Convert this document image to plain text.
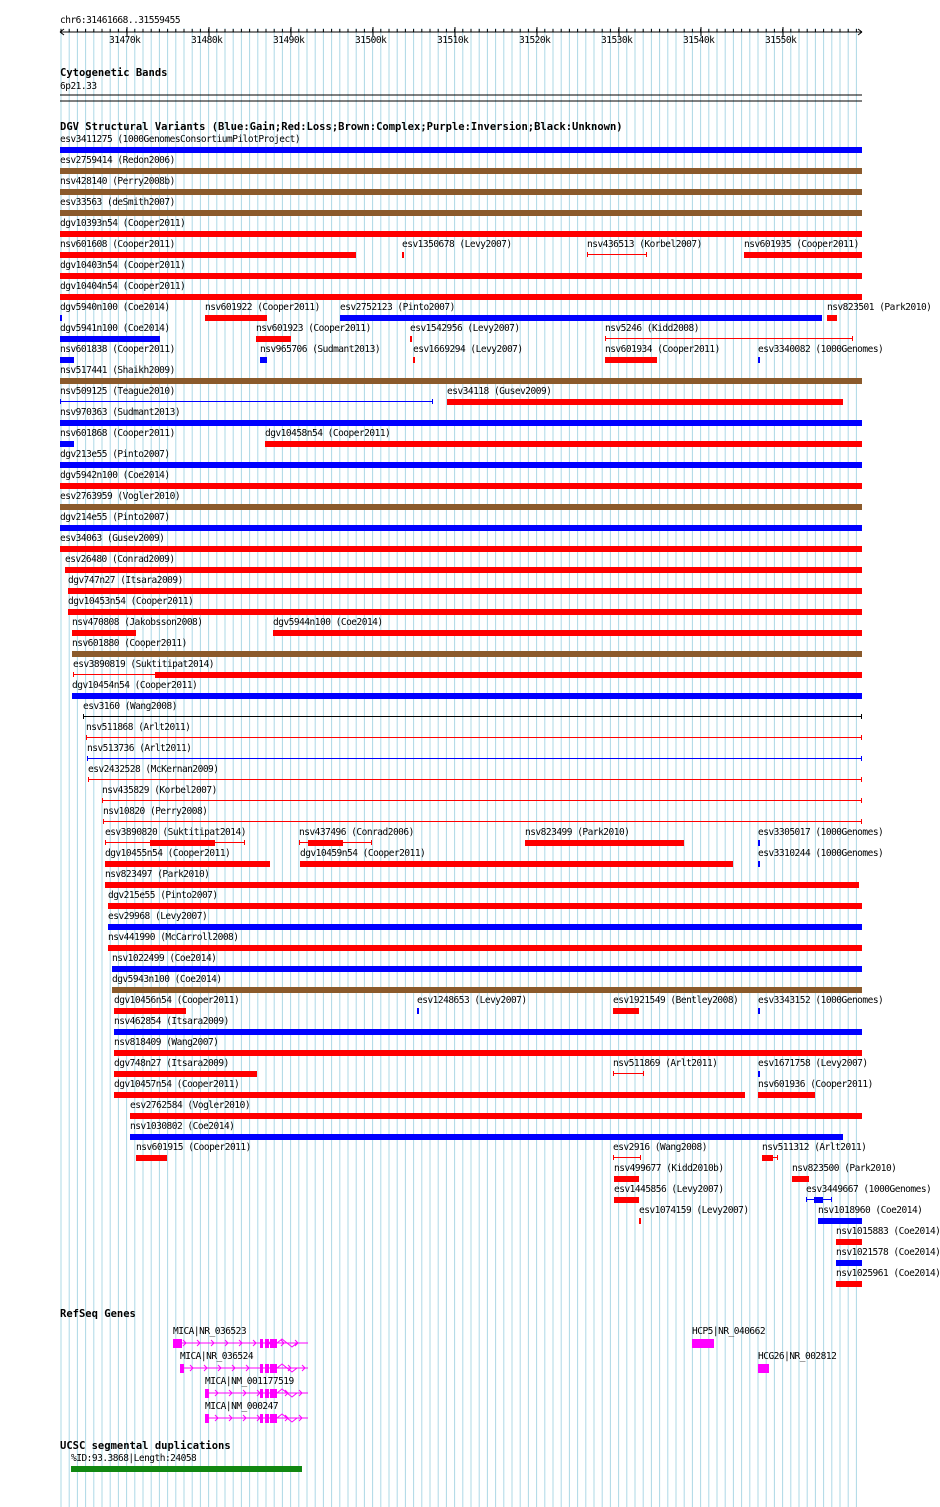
chr6:31461668..31559455
Cytogenetic Bands
6p21.33
DGV Structural Variants (Blue:Gain;Red:Loss;Brown:Complex;Purple:Inversion;Black:Unknown)
esv3411275 (1000GenomesConsortiumPilotProject)
esv2759414 (Redon2006)
nsv428140 (Perry2008b)
esv33563 (deSmith2007)
dgv10393n54 (Cooper2011)
nsv601608 (Cooper2011)	esv1350678 (Levy2007)	nsv436513 (Korbel2007)	nsv601935 (Cooper2011)
dgv10403n54 (Cooper2011)
dgv10404n54 (Cooper2011)
dgv5940n100 (Coe2014)	nsv601922 (Cooper2011) esv2752123 (Pinto2007)	nsv823501 (Park2010)
dgv5941n100 (Coe2014)	nsv601923 (Cooper2011)	esv1542956 (Levy2007)	nsv5246 (Kidd2008)
nsv601838 (Cooper2011)	nsv965706 (Sudmant2013)	esv1669294 (Levy2007)	nsv601934 (Cooper2011)	esv3340082 (1000Genomes)
nsv517441 (Shaikh2009)
nsv509125 (Teague2010)	esv34118 (Gusev2009)
nsv970363 (Sudmant2013)
nsv601868 (Cooper2011)	dgv10458n54 (Cooper2011)
dgv213e55 (Pinto2007)
dgv5942n100 (Coe2014)
esv2763959 (Vogler2010)
dgv214e55 (Pinto2007)
esv34063 (Gusev2009)
esv26480 (Conrad2009)
dgv747n27 (Itsara2009)
dgv10453n54 (Cooper2011)
nsv470808 (Jakobsson2008)	dgv5944n100 (Coe2014)
nsv601880 (Cooper2011)
esv3890819 (Suktitipat2014)
dgv10454n54 (Cooper2011)
esv3160 (Wang2008)
nsv511868 (Arlt2011)
nsv513736 (Arlt2011)
esv2432528 (McKernan2009)
nsv435829 (Korbel2007)
nsv10820 (Perry2008)
esv3890820 (Suktitipat2014)	nsv437496 (Conrad2006)	nsv823499 (Park2010)	esv3305017 (1000Genomes)
dgv10455n54 (Cooper2011)	dgv10459n54 (Cooper2011)	esv3310244 (1000Genomes)
nsv823497 (Park2010)
dgv215e55 (Pinto2007)
esv29968 (Levy2007)
nsv441990 (McCarroll2008)
nsv1022499 (Coe2014)
dgv5943n100 (Coe2014)
dgv10456n54 (Cooper2011)	esv1248653 (Levy2007)	esv1921549 (Bentley2008) esv3343152 (1000Genomes)
nsv462854 (Itsara2009)
nsv818409 (Wang2007)
dgv748n27 (Itsara2009)	nsv511869 (Arlt2011)	esv1671758 (Levy2007)
dgv10457n54 (Cooper2011)	nsv601936 (Cooper2011)
esv2762584 (Vogler2010)
nsv1030802 (Coe2014)
nsv601915 (Cooper2011)	esv2916 (Wang2008)	nsv511312 (Arlt2011)
nsv499677 (Kidd2010b)	nsv823500 (Park2010)
esv1445856 (Levy2007)	esv3449667 (1000Genomes)
esv1074159 (Levy2007)	nsv1018960 (Coe2014)
nsv1015883 (Coe2014)
nsv1021578 (Coe2014)
nsv1025961 (Coe2014)
RefSeq Genes
MICA|NR_036523
MICA|NR_036524
MICA|NM_001177519
MICA|NM_000247
HCP5|NR_040662
HCG26|NR_002812
UCSC segmental duplications
%ID:93.3868|Length:24058
31470k	31480k	31490k	31500k	31510k	31520k	31530k	31540k	31550k
